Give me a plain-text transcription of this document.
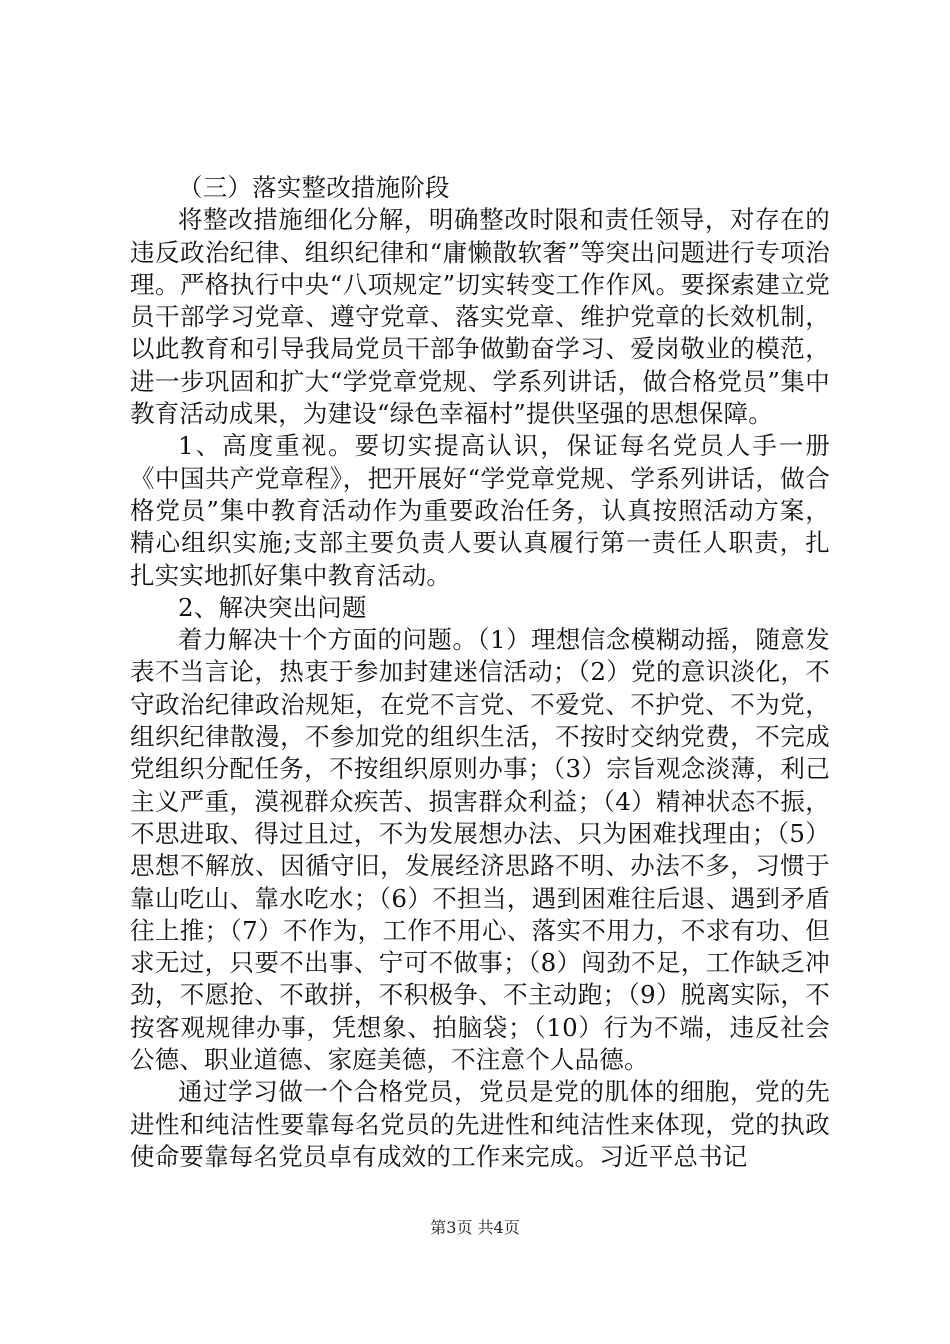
（三）落实整改措施阶段

将整改措施细化分解，明确整改时限和责任领导，对存在的违反政治纪律、组织纪律和“庸懒散软奢”等突出问题进行专项治理。严格执行中央“八项规定”切实转变工作作风。要探索建立党员干部学习党章、遵守党章、落实党章、维护党章的长效机制，以此教育和引导我局党员干部争做勤奋学习、爱岗敬业的模范，进一步巩固和扩大“学党章党规、学系列讲话，做合格党员”集中教育活动成果，为建设“绿色幸福村”提供坚强的思想保障。

1、高度重视。要切实提高认识，保证每名党员人手一册《中国共产党章程》，把开展好“学党章党规、学系列讲话，做合格党员”集中教育活动作为重要政治任务，认真按照活动方案，精心组织实施;支部主要负责人要认真履行第一责任人职责，扎扎实实地抓好集中教育活动。

2、解决突出问题

着力解决十个方面的问题。（1）理想信念模糊动摇，随意发表不当言论，热衷于参加封建迷信活动；（2）党的意识淡化，不守政治纪律政治规矩，在党不言党、不爱党、不护党、不为党，组织纪律散漫，不参加党的组织生活，不按时交纳党费，不完成党组织分配任务，不按组织原则办事；（3）宗旨观念淡薄，利己主义严重，漠视群众疾苦、损害群众利益；（4）精神状态不振，不思进取、得过且过，不为发展想办法、只为困难找理由；（5）思想不解放、因循守旧，发展经济思路不明、办法不多，习惯于靠山吃山、靠水吃水；（6）不担当，遇到困难往后退、遇到矛盾往上推；（7）不作为，工作不用心、落实不用力，不求有功、但求无过，只要不出事、宁可不做事；（8）闯劲不足，工作缺乏冲劲，不愿抢、不敢拼，不积极争、不主动跑；（9）脱离实际，不按客观规律办事，凭想象、拍脑袋；（10）行为不端，违反社会公德、职业道德、家庭美德，不注意个人品德。

通过学习做一个合格党员，党员是党的肌体的细胞，党的先进性和纯洁性要靠每名党员的先进性和纯洁性来体现，党的执政使命要靠每名党员卓有成效的工作来完成。习近平总书记

第3页 共4页
